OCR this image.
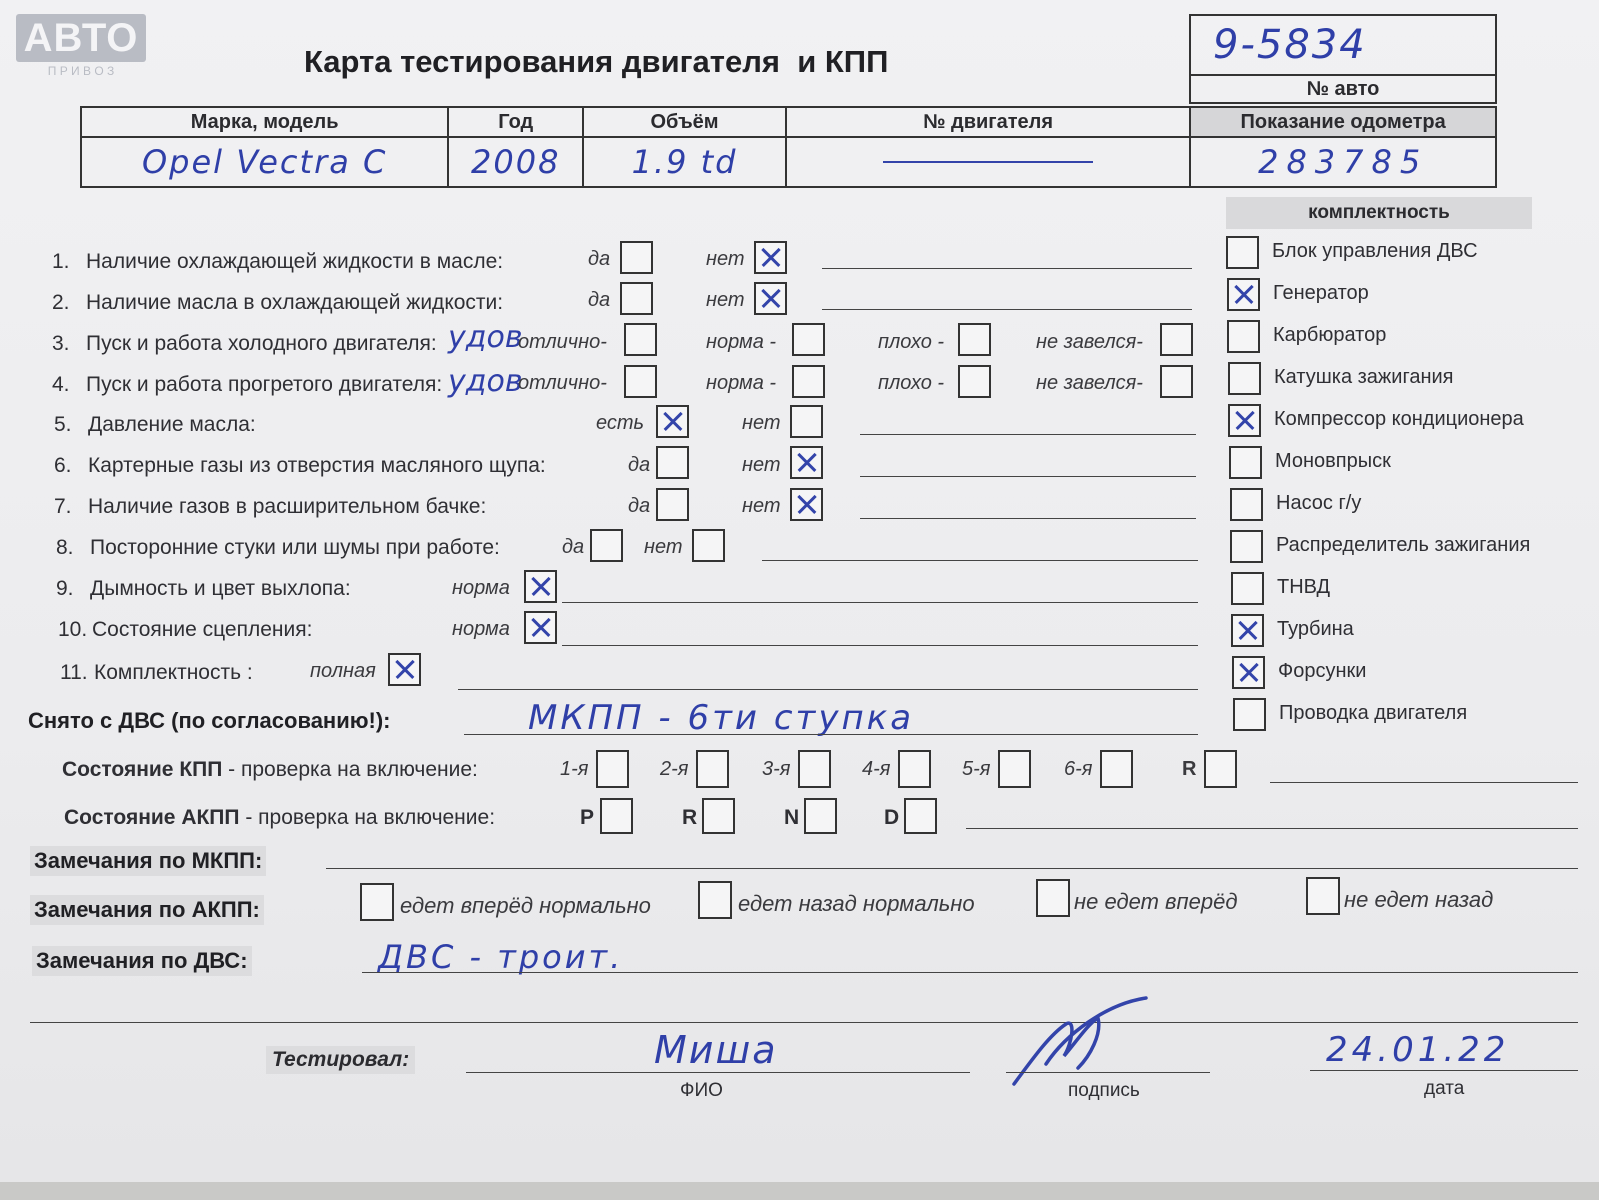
АВТО
П Р И В О З	Карта тестирования двигателя  и КПП	9-5834
№ авто
Марка, модель	Год	Объём	№ двигателя	Показание одометра
Opel Vectra C	2008	1.9 td		283785
комплектность
1. Наличие охлаждающей жидкости в масле:	да	нет
2. Наличие масла в охлаждающей жидкости:	да	нет
3. Пуск и работа холодного двигателя: удов
отлично-	норма -	плохо -	не завелся-
4. Пуск и работа прогретого двигателя: удов
отлично-	норма -	плохо -	не завелся-
5. Давление масла:	есть	нет
6. Картерные газы из отверстия масляного щупа:	да	нет
7. Наличие газов в расширительном бачке:	да	нет
8. Посторонние стуки или шумы при работе:	да	нет
9. Дымность и цвет выхлопа:	норма
10. Состояние сцепления:	норма
11. Комплектность :	полная
Блок управления ДВС
Генератор
Карбюратор
Катушка зажигания
Компрессор кондиционера
Моновпрыск
Насос г/у
Распределитель зажигания
ТНВД
Турбина
Форсунки
Проводка двигателя
Снято с ДВС (по согласованию!):	МКПП - 6ти ступка
Состояние КПП - проверка на включение:	1-я	2-я	3-я	4-я	5-я	6-я	R
Состояние АКПП - проверка на включение:	P	R	N	D
Замечания по МКПП:
Замечания по АКПП:	едет вперёд нормально	едет назад нормально	не едет вперёд	не едет назад
Замечания по ДВС:	ДВС - троит.
Тестировал:	Миша
ФИО	подпись
24.01.22
дата
